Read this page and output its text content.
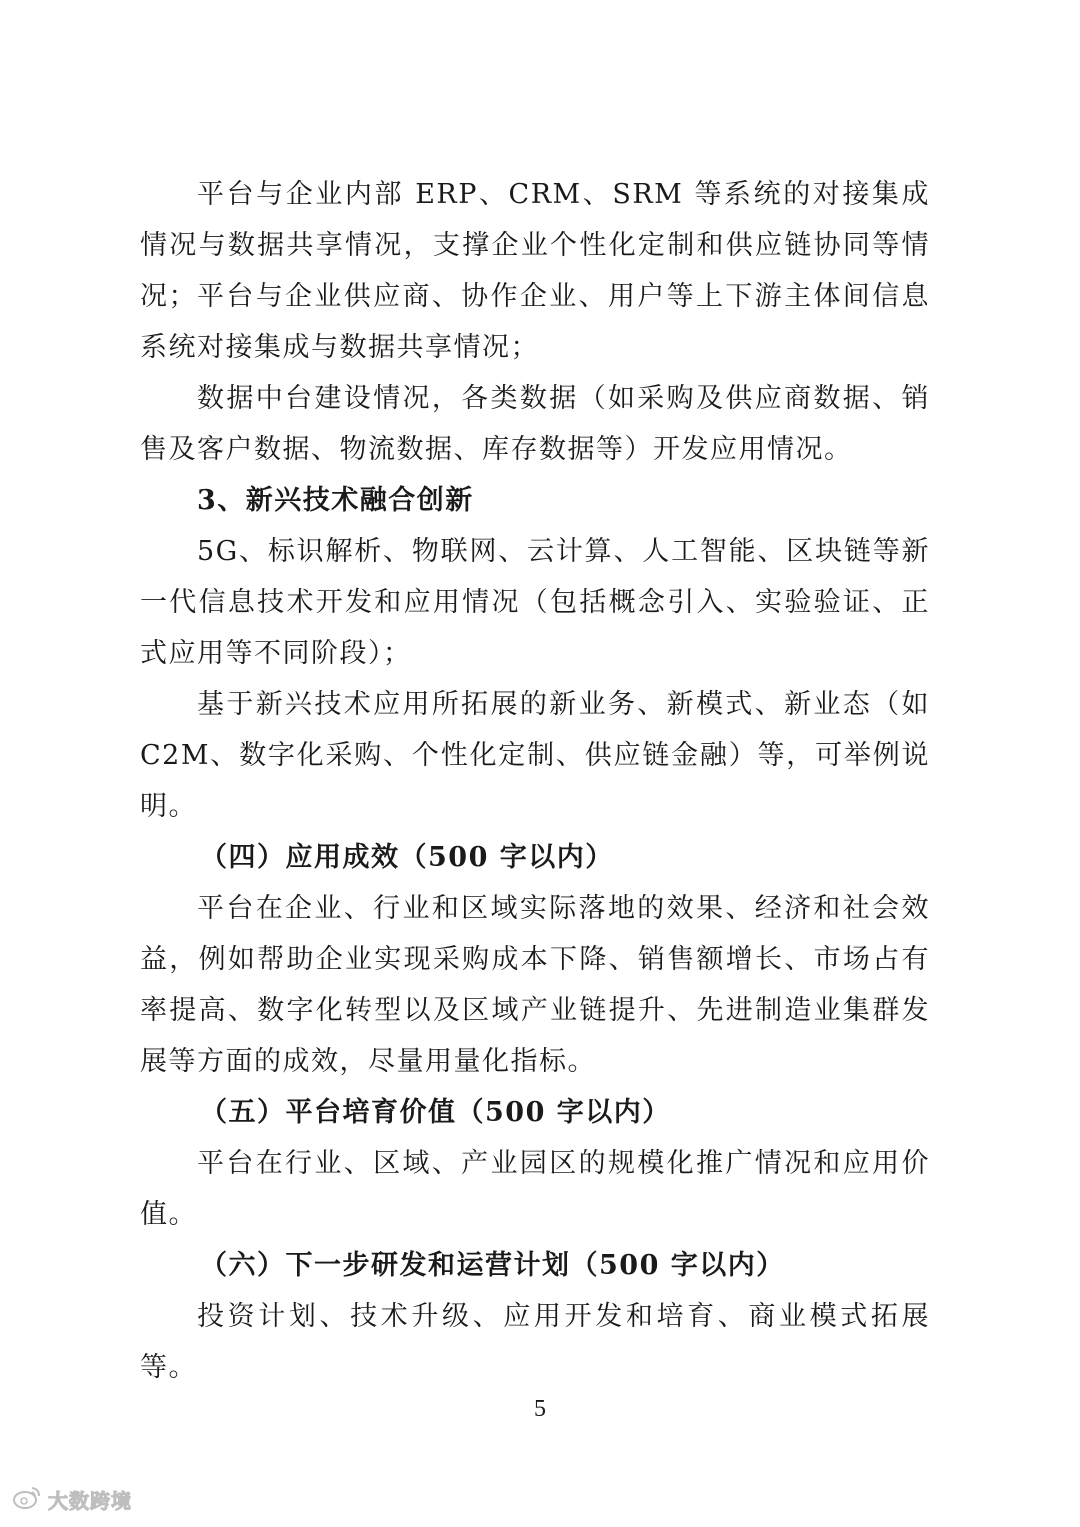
平台与企业内部 ERP、CRM、SRM 等系统的对接集成情况与数据共享情况，支撑企业个性化定制和供应链协同等情况； 平台与企业供应商、协作企业、用户等上下游主体间信息系统对接集成与数据共享情况；

数据中台建设情况，各类数据（如采购及供应商数据、销售及客户数据、物流数据、库存数据等）开发应用情况。

3、新兴技术融合创新

5G、标识解析、物联网、云计算、人工智能、区块链等新一代信息技术开发和应用情况（包括概念引入、实验验证、正式应用等不同阶段）；

基于新兴技术应用所拓展的新业务、新模式、新业态（如 C2M、数字化采购、个性化定制、供应链金融）等，可举例说明。

（四）应用成效（500 字以内）

平台在企业、行业和区域实际落地的效果、经济和社会效益，例如帮助企业实现采购成本下降、销售额增长、市场占有率提高、数字化转型以及区域产业链提升、先进制造业集群发展等方面的成效，尽量用量化指标。

（五）平台培育价值（500 字以内）

平台在行业、区域、产业园区的规模化推广情况和应用价值。

（六）下一步研发和运营计划（500 字以内）

投资计划、技术升级、应用开发和培育、商业模式拓展等。

5
大数跨境
